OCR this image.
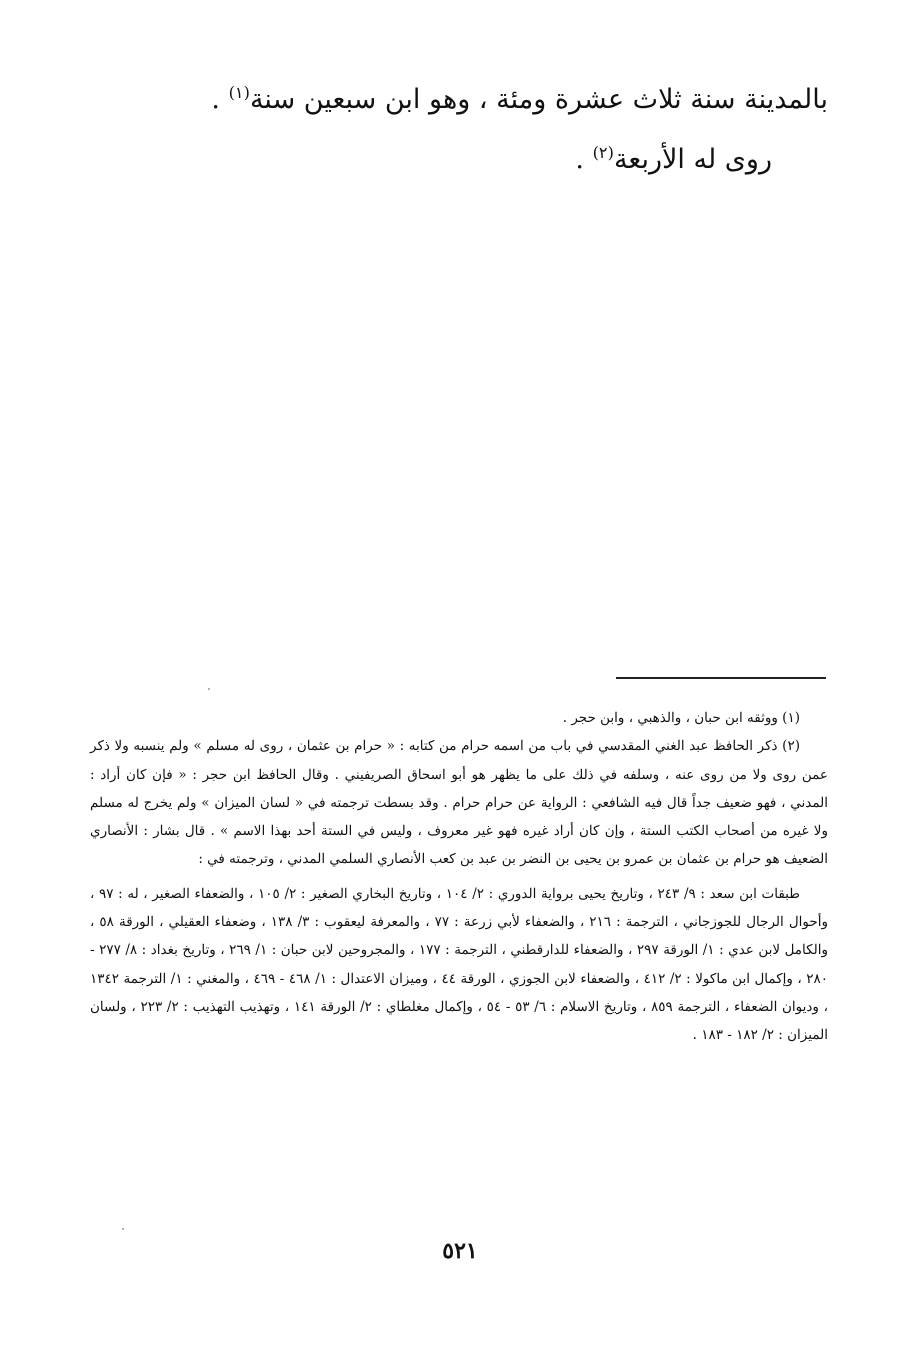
بالمدينة سنة ثلاث عشرة ومئة ، وهو ابن سبعين سنة$^{(١)}$ .

روى له الأربعة$^{(٢)}$ .

(١) ووثقه ابن حبان ، والذهبي ، وابن حجر .

(٢) ذكر الحافظ عبد الغني المقدسي في باب من اسمه حرام من كتابه : « حرام بن عثمان ، روى له مسلم » ولم ينسبه ولا ذكر عمن روى ولا من روى عنه ، وسلفه في ذلك على ما يظهر هو أبو اسحاق الصريفيني . وقال الحافظ ابن حجر : « فإن كان أراد : المدني ، فهو ضعيف جداً قال فيه الشافعي : الرواية عن حرام حرام . وقد بسطت ترجمته في « لسان الميزان » ولم يخرج له مسلم ولا غيره من أصحاب الكتب الستة ، وإن كان أراد غيره فهو غير معروف ، وليس في الستة أحد بهذا الاسم » . قال بشار : الأنصاري الضعيف هو حرام بن عثمان بن عمرو بن يحيى بن النضر بن عبد بن كعب الأنصاري السلمي المدني ، وترجمته في :

طبقات ابن سعد : ٩/ ٢٤٣ ، وتاريخ يحيى برواية الدوري : ٢/ ١٠٤ ، وتاريخ البخاري الصغير : ٢/ ١٠٥ ، والضعفاء الصغير ، له : ٩٧ ، وأحوال الرجال للجوزجاني ، الترجمة : ٢١٦ ، والضعفاء لأبي زرعة : ٧٧ ، والمعرفة ليعقوب : ٣/ ١٣٨ ، وضعفاء العقيلي ، الورقة ٥٨ ، والكامل لابن عدي : ١/ الورقة ٢٩٧ ، والضعفاء للدارقطني ، الترجمة : ١٧٧ ، والمجروحين لابن حبان : ١/ ٢٦٩ ، وتاريخ بغداد : ٨/ ٢٧٧ - ٢٨٠ ، وإكمال ابن ماكولا : ٢/ ٤١٢ ، والضعفاء لابن الجوزي ، الورقة ٤٤ ، وميزان الاعتدال : ١/ ٤٦٨ - ٤٦٩ ، والمغني : ١/ الترجمة ١٣٤٢ ، وديوان الضعفاء ، الترجمة ٨٥٩ ، وتاريخ الاسلام : ٦/ ٥٣ - ٥٤ ، وإكمال مغلطاي : ٢/ الورقة ١٤١ ، وتهذيب التهذيب : ٢/ ٢٢٣ ، ولسان الميزان : ٢/ ١٨٢ - ١٨٣ .

٥٢١
